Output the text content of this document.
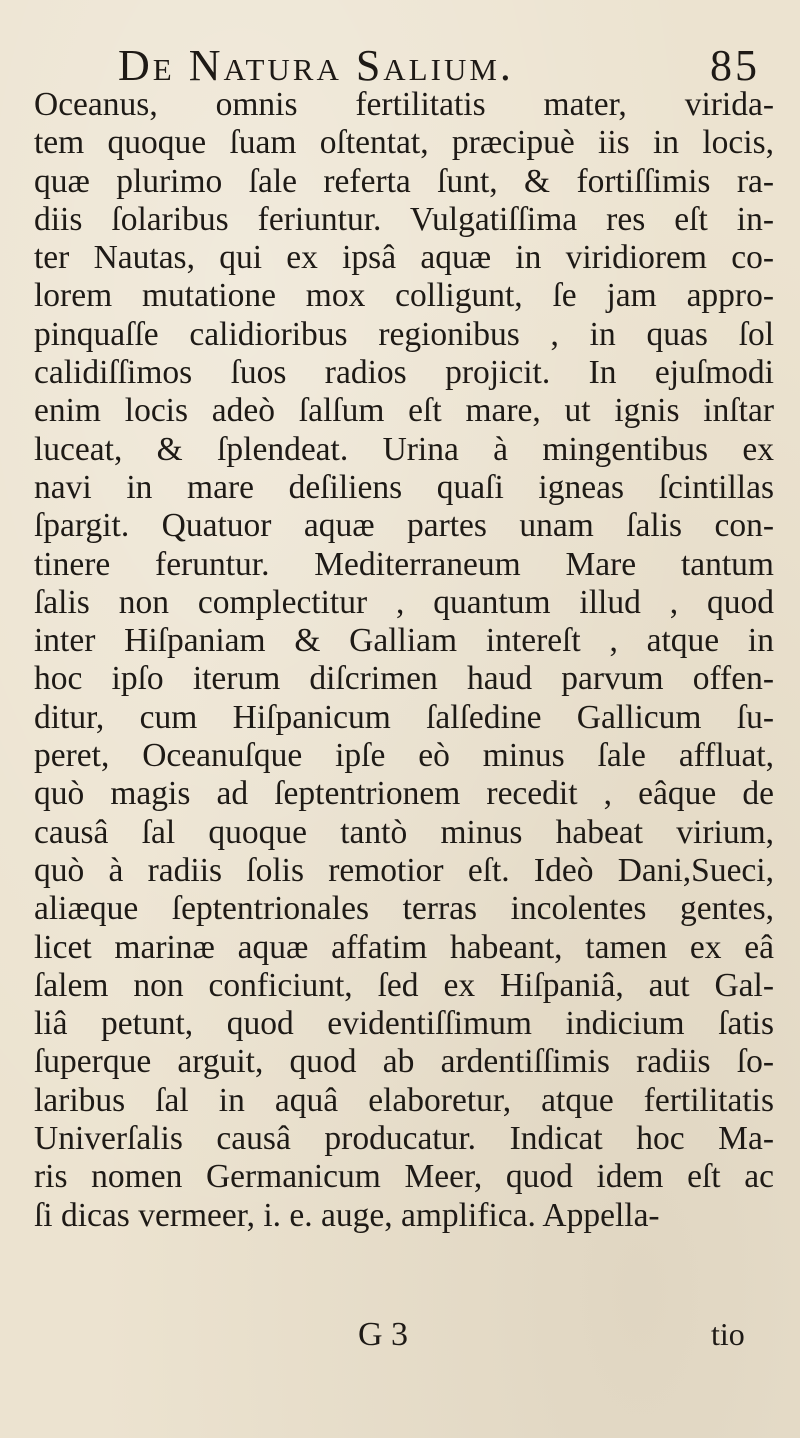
De Natura Salium.	85
Oceanus, omnis fertilitatis mater, virida-
tem quoque ſuam oſtentat, præcipuè iis in locis,
quæ plurimo ſale referta ſunt, & fortiſſimis ra-
diis ſolaribus feriuntur. Vulgatiſſima res eſt in-
ter Nautas, qui ex ipsâ aquæ in viridiorem co-
lorem mutatione mox colligunt, ſe jam appro-
pinquaſſe calidioribus regionibus , in quas ſol
calidiſſimos ſuos radios projicit. In ejuſmodi
enim locis adeò ſalſum eſt mare, ut ignis inſtar
luceat, & ſplendeat. Urina à mingentibus ex
navi in mare deſiliens quaſi igneas ſcintillas
ſpargit. Quatuor aquæ partes unam ſalis con-
tinere feruntur. Mediterraneum Mare tantum
ſalis non complectitur , quantum illud , quod
inter Hiſpaniam & Galliam intereſt , atque in
hoc ipſo iterum diſcrimen haud parvum offen-
ditur, cum Hiſpanicum ſalſedine Gallicum ſu-
peret, Oceanuſque ipſe eò minus ſale affluat,
quò magis ad ſeptentrionem recedit , eâque de
causâ ſal quoque tantò minus habeat virium,
quò à radiis ſolis remotior eſt. Ideò Dani,Sueci,
aliæque ſeptentrionales terras incolentes gentes,
licet marinæ aquæ affatim habeant, tamen ex eâ
ſalem non conficiunt, ſed ex Hiſpaniâ, aut Gal-
liâ petunt, quod evidentiſſimum indicium ſatis
ſuperque arguit, quod ab ardentiſſimis radiis ſo-
laribus ſal in aquâ elaboretur, atque fertilitatis
Univerſalis causâ producatur. Indicat hoc Ma-
ris nomen Germanicum Meer, quod idem eſt ac
ſi dicas vermeer, i. e. auge, amplifica. Appella-
G 3	tio
